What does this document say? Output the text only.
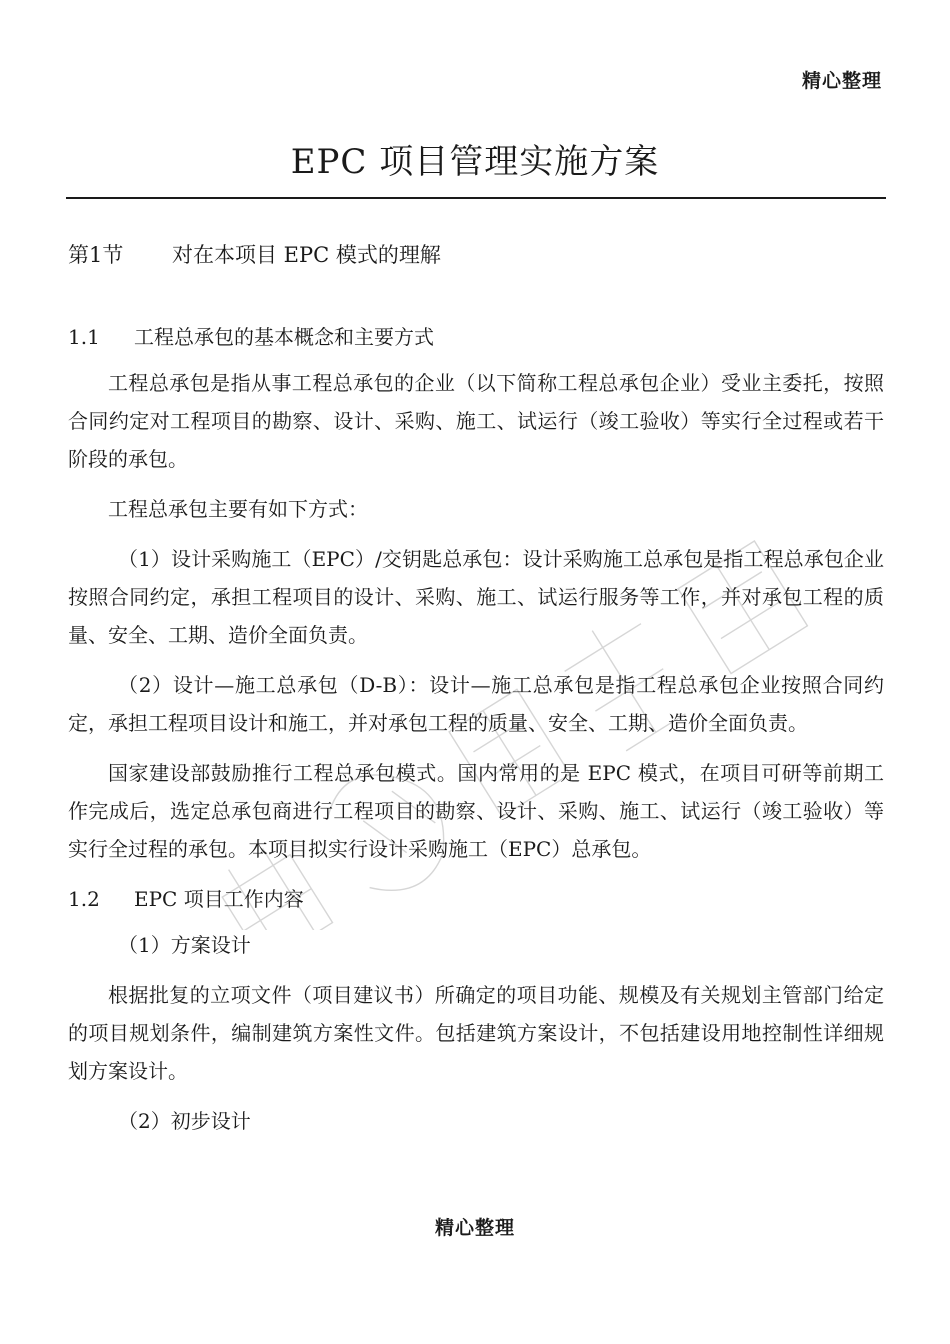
精心整理
EPC 项目管理实施方案
第1节 对在本项目 EPC 模式的理解
1.1 工程总承包的基本概念和主要方式

工程总承包是指从事工程总承包的企业（以下简称工程总承包企业）受业主委托，按照合同约定对工程项目的勘察、设计、采购、施工、试运行（竣工验收）等实行全过程或若干阶段的承包。

工程总承包主要有如下方式：

（1）设计采购施工（EPC）/交钥匙总承包：设计采购施工总承包是指工程总承包企业按照合同约定，承担工程项目的设计、采购、施工、试运行服务等工作，并对承包工程的质量、安全、工期、造价全面负责。

（2）设计—施工总承包（D-B）：设计—施工总承包是指工程总承包企业按照合同约定，承担工程项目设计和施工，并对承包工程的质量、安全、工期、造价全面负责。

国家建设部鼓励推行工程总承包模式。国内常用的是 EPC 模式，在项目可研等前期工作完成后，选定总承包商进行工程项目的勘察、设计、采购、施工、试运行（竣工验收）等实行全过程的承包。本项目拟实行设计采购施工（EPC）总承包。

1.2 EPC 项目工作内容
（1）方案设计

根据批复的立项文件（项目建议书）所确定的项目功能、规模及有关规划主管部门给定的项目规划条件，编制建筑方案性文件。包括建筑方案设计，不包括建设用地控制性详细规划方案设计。

（2）初步设计
精心整理
